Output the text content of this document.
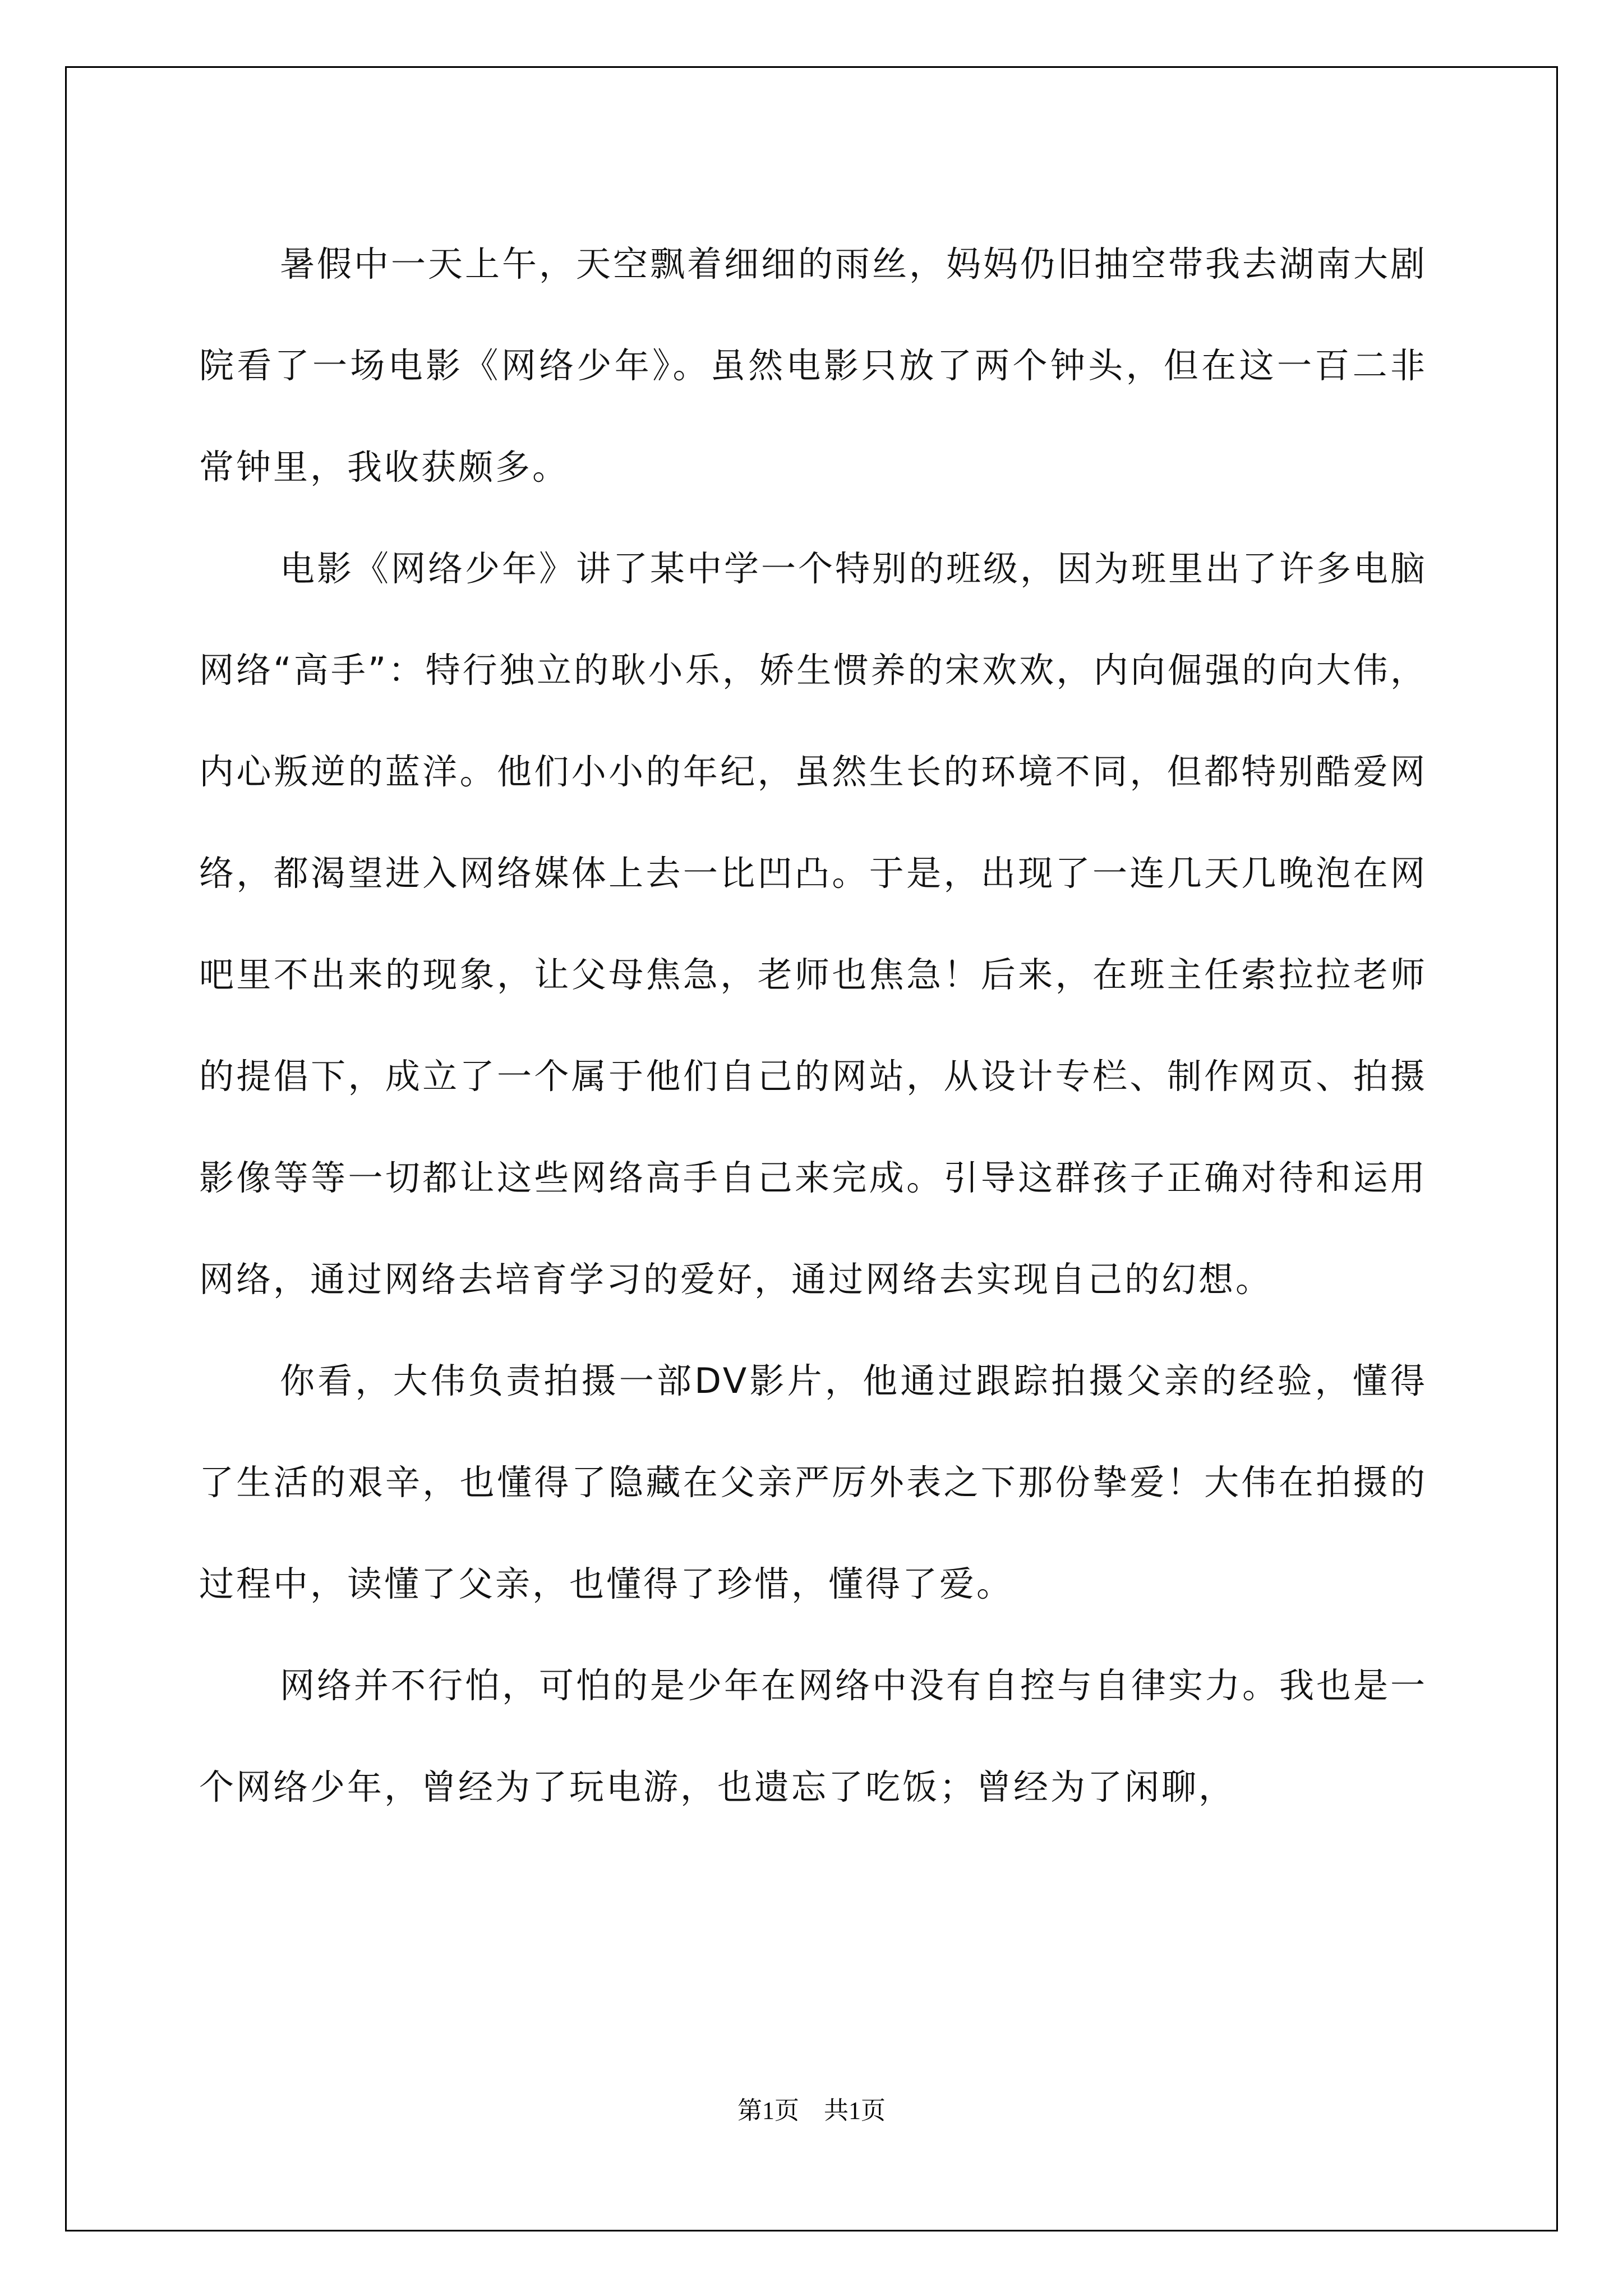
暑假中一天上午，天空飘着细细的雨丝，妈妈仍旧抽空带我去湖南大剧院看了一场电影《网络少年》。虽然电影只放了两个钟头，但在这一百二非常钟里，我收获颇多。

电影《网络少年》讲了某中学一个特别的班级，因为班里出了许多电脑网络“高手”：特行独立的耿小乐，娇生惯养的宋欢欢，内向倔强的向大伟，内心叛逆的蓝洋。他们小小的年纪，虽然生长的环境不同，但都特别酷爱网络，都渴望进入网络媒体上去一比凹凸。于是，出现了一连几天几晚泡在网吧里不出来的现象，让父母焦急，老师也焦急！后来，在班主任索拉拉老师的提倡下，成立了一个属于他们自己的网站，从设计专栏、制作网页、拍摄影像等等一切都让这些网络高手自己来完成。引导这群孩子正确对待和运用网络，通过网络去培育学习的爱好，通过网络去实现自己的幻想。

你看，大伟负责拍摄一部DV影片，他通过跟踪拍摄父亲的经验，懂得了生活的艰辛，也懂得了隐藏在父亲严厉外表之下那份挚爱！大伟在拍摄的过程中，读懂了父亲，也懂得了珍惜，懂得了爱。

网络并不行怕，可怕的是少年在网络中没有自控与自律实力。我也是一个网络少年，曾经为了玩电游，也遗忘了吃饭；曾经为了闲聊，

第1页　共1页
